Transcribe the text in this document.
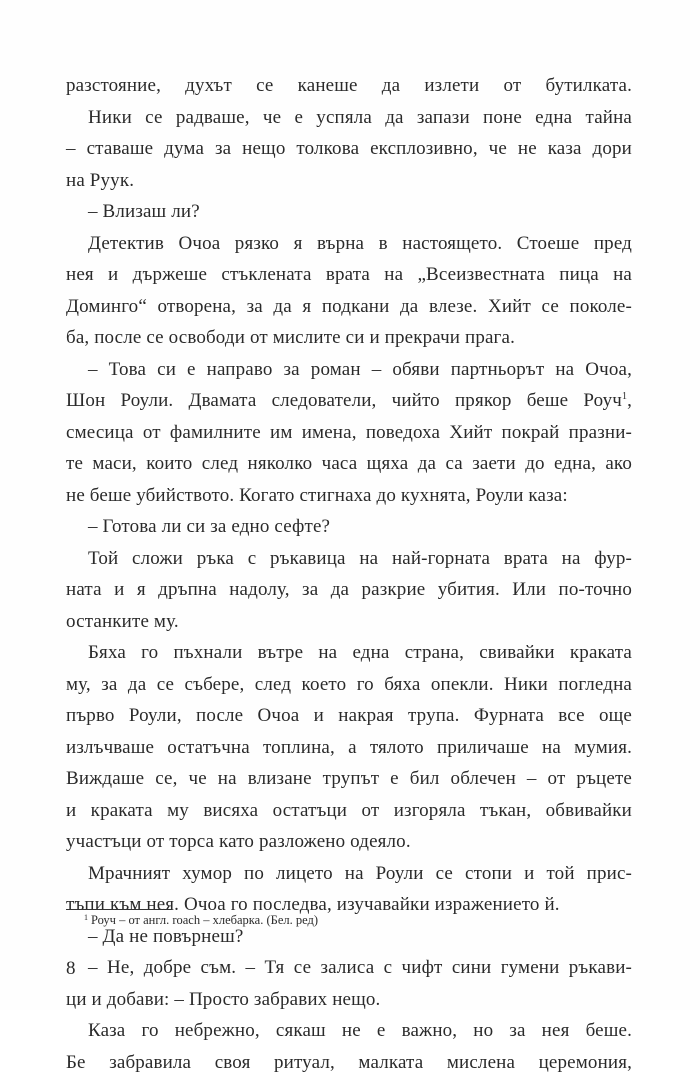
разстояние, духът се канеше да излети от бутилката.
Ники се радваше, че е успяла да запази поне една тайна
– ставаше дума за нещо толкова експлозивно, че не каза дори
на Руук.
– Влизаш ли?
Детектив Очоа рязко я върна в настоящето. Стоеше пред
нея и държеше стъклената врата на „Всеизвестната пица на
Доминго“ отворена, за да я подкани да влезе. Хийт се поколе-
ба, после се освободи от мислите си и прекрачи прага.
– Това си е направо за роман – обяви партньорът на Очоа,
Шон Роули. Двамата следователи, чийто прякор беше Роуч$^1$,
смесица от фамилните им имена, поведоха Хийт покрай празни-
те маси, които след няколко часа щяха да са заети до една, ако
не беше убийството. Когато стигнаха до кухнята, Роули каза:
– Готова ли си за едно сефте?
Той сложи ръка с ръкавица на най-горната врата на фур-
ната и я дръпна надолу, за да разкрие убития. Или по-точно
останките му.
Бяха го пъхнали вътре на една страна, свивайки краката
му, за да се събере, след което го бяха опекли. Ники погледна
първо Роули, после Очоа и накрая трупа. Фурната все още
излъчваше остатъчна топлина, а тялото приличаше на мумия.
Виждаше се, че на влизане трупът е бил облечен – от ръцете
и краката му висяха остатъци от изгоряла тъкан, обвивайки
участъци от торса като разложено одеяло.
Мрачният хумор по лицето на Роули се стопи и той прис-
тъпи към нея. Очоа го последва, изучавайки изражението й.
– Да не повърнеш?
– Не, добре съм. – Тя се залиса с чифт сини гумени ръкави-
ци и добави: – Просто забравих нещо.
Каза го небрежно, сякаш не е важно, но за нея беше.
Бе забравила своя ритуал, малката мислена церемония,
$^1$ Роуч – от англ. roach – хлебарка. (Бел. ред)
8
